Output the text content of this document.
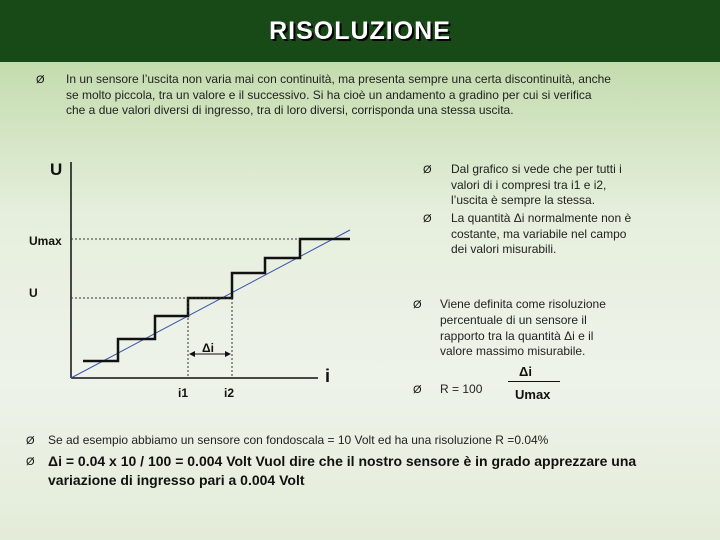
RISOLUZIONE
Ø In un sensore l’uscita non varia mai con continuità, ma presenta sempre una certa discontinuità, anche
se molto piccola, tra un valore e il successivo. Si ha cioè un andamento a gradino per cui si verifica
che a due valori diversi di ingresso, tra di loro diversi, corrisponda una stessa uscita.
U
Umax
U
Δi
i1	i2
i
Ø Dal grafico si vede che per tutti i
valori di i compresi tra i1 e i2,
l’uscita è sempre la stessa.
Ø La quantità Δi normalmente non è
costante, ma variabile nel campo
dei valori misurabili.
Ø Viene definita come risoluzione
percentuale di un sensore il
rapporto tra la quantità Δi e il
valore massimo misurabile.
Ø R = 100
Δi
Umax
Ø Se ad esempio abbiamo un sensore con fondoscala = 10 Volt ed ha una risoluzione R =0.04%
Ø Δi = 0.04 x 10 / 100 = 0.004 Volt Vuol dire che il nostro sensore è in grado apprezzare una
variazione di ingresso pari a 0.004 Volt
